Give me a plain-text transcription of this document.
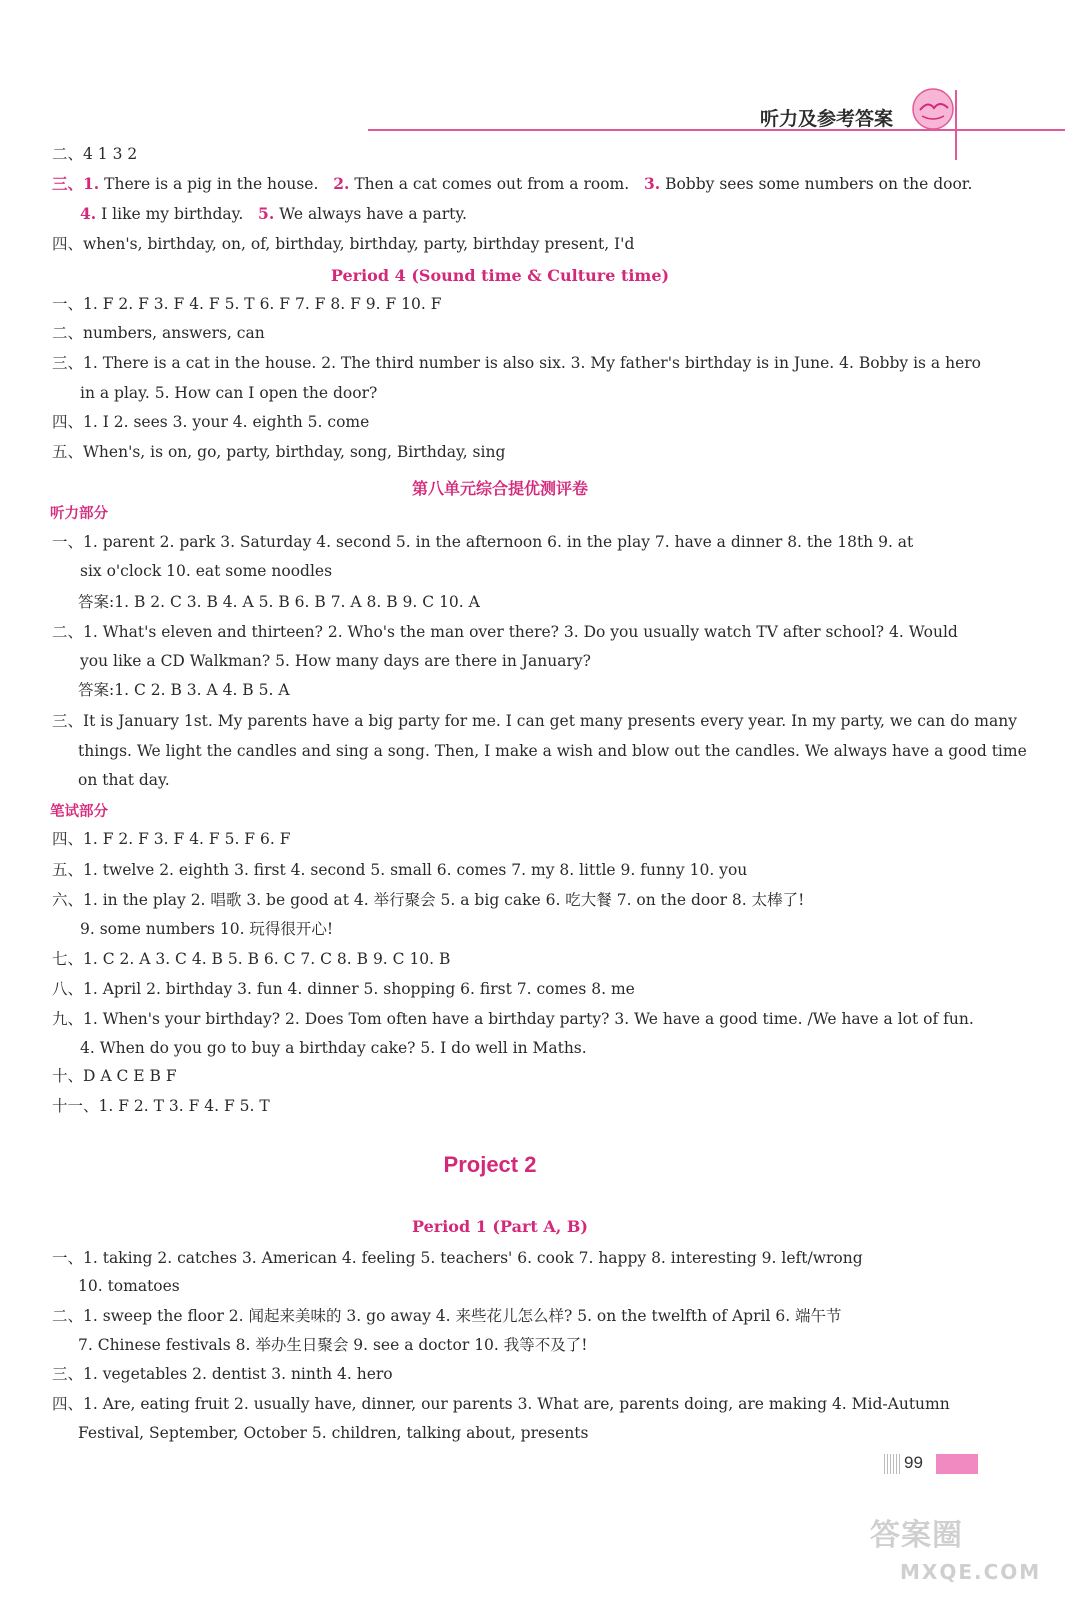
听力及参考答案
二、4 1 3 2
三、1. There is a pig in the house. 2. Then a cat comes out from a room. 3. Bobby sees some numbers on the door.
4. I like my birthday. 5. We always have a party.
四、when's, birthday, on, of, birthday, birthday, party, birthday present, I'd
Period 4 (Sound time & Culture time)
一、1. F 2. F 3. F 4. F 5. T 6. F 7. F 8. F 9. F 10. F
二、numbers, answers, can
三、1. There is a cat in the house. 2. The third number is also six. 3. My father's birthday is in June. 4. Bobby is a hero
in a play. 5. How can I open the door?
四、1. I 2. sees 3. your 4. eighth 5. come
五、When's, is on, go, party, birthday, song, Birthday, sing
第八单元综合提优测评卷
听力部分
一、1. parent 2. park 3. Saturday 4. second 5. in the afternoon 6. in the play 7. have a dinner 8. the 18th 9. at
six o'clock 10. eat some noodles
答案:1. B 2. C 3. B 4. A 5. B 6. B 7. A 8. B 9. C 10. A
二、1. What's eleven and thirteen? 2. Who's the man over there? 3. Do you usually watch TV after school? 4. Would
you like a CD Walkman? 5. How many days are there in January?
答案:1. C 2. B 3. A 4. B 5. A
三、It is January 1st. My parents have a big party for me. I can get many presents every year. In my party, we can do many
things. We light the candles and sing a song. Then, I make a wish and blow out the candles. We always have a good time
on that day.
笔试部分
四、1. F 2. F 3. F 4. F 5. F 6. F
五、1. twelve 2. eighth 3. first 4. second 5. small 6. comes 7. my 8. little 9. funny 10. you
六、1. in the play 2. 唱歌 3. be good at 4. 举行聚会 5. a big cake 6. 吃大餐 7. on the door 8. 太棒了!
9. some numbers 10. 玩得很开心!
七、1. C 2. A 3. C 4. B 5. B 6. C 7. C 8. B 9. C 10. B
八、1. April 2. birthday 3. fun 4. dinner 5. shopping 6. first 7. comes 8. me
九、1. When's your birthday? 2. Does Tom often have a birthday party? 3. We have a good time. /We have a lot of fun.
4. When do you go to buy a birthday cake? 5. I do well in Maths.
十、D A C E B F
十一、1. F 2. T 3. F 4. F 5. T
Project 2
Period 1 (Part A, B)
一、1. taking 2. catches 3. American 4. feeling 5. teachers' 6. cook 7. happy 8. interesting 9. left/wrong
10. tomatoes
二、1. sweep the floor 2. 闻起来美味的 3. go away 4. 来些花儿怎么样? 5. on the twelfth of April 6. 端午节
7. Chinese festivals 8. 举办生日聚会 9. see a doctor 10. 我等不及了!
三、1. vegetables 2. dentist 3. ninth 4. hero
四、1. Are, eating fruit 2. usually have, dinner, our parents 3. What are, parents doing, are making 4. Mid-Autumn
Festival, September, October 5. children, talking about, presents
99
答案圈
MXQE.COM
